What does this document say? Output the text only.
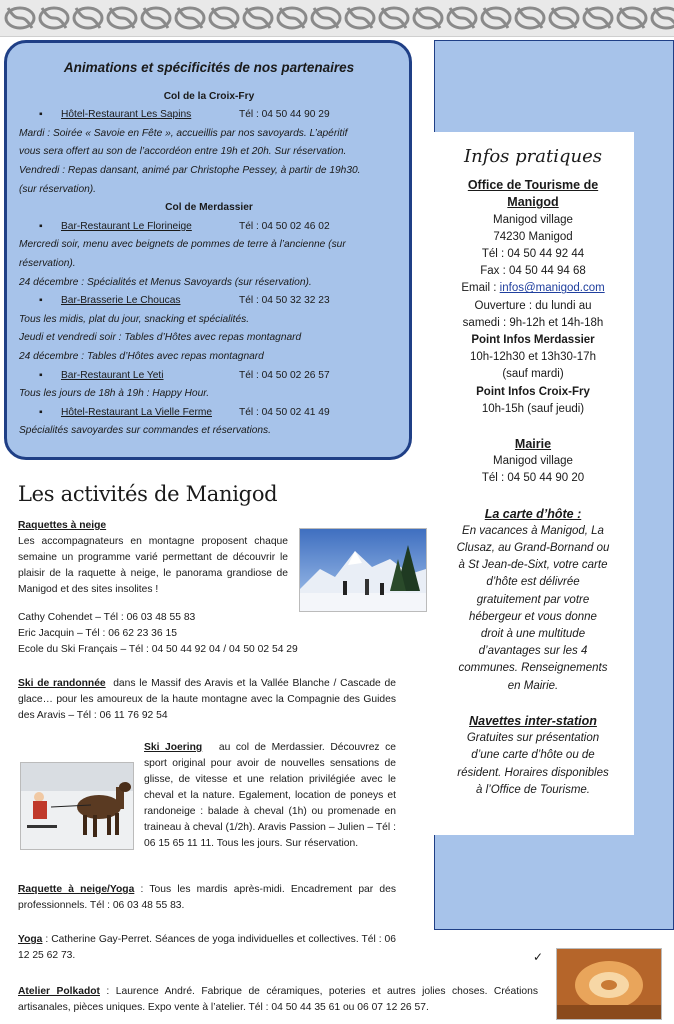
Animations et spécificités de nos partenaires
Col de la Croix-Fry
▪ Hôtel-Restaurant Les Sapins	Tél : 04 50 44 90 29
Mardi : Soirée « Savoie en Fête », accueillis par nos savoyards. L’apéritif
vous sera offert au son de l’accordéon entre 19h et 20h. Sur réservation.
Vendredi : Repas dansant, animé par Christophe Pessey, à partir de 19h30.
(sur réservation).
Col de Merdassier
▪ Bar-Restaurant Le Florineige	Tél : 04 50 02 46 02
Mercredi soir, menu avec beignets de pommes de terre à l’ancienne (sur
réservation).
24 décembre : Spécialités et Menus Savoyards (sur réservation).
▪ Bar-Brasserie Le Choucas	Tél : 04 50 32 32 23
Tous les midis, plat du jour, snacking et spécialités.
Jeudi et vendredi soir : Tables d’Hôtes avec repas montagnard
24 décembre : Tables d’Hôtes avec repas montagnard
▪ Bar-Restaurant Le Yeti	Tél : 04 50 02 26 57
Tous les jours de 18h à 19h : Happy Hour.
▪ Hôtel-Restaurant La Vielle Ferme	Tél : 04 50 02 41 49
Spécialités savoyardes sur commandes et réservations.
Infos pratiques
Office de Tourisme de
Manigod
Manigod village
74230 Manigod
Tél : 04 50 44 92 44
Fax : 04 50 44 94 68
Email : infos@manigod.com
Ouverture : du lundi au
samedi : 9h-12h et 14h-18h
Point Infos Merdassier
10h-12h30 et 13h30-17h
(sauf mardi)
Point Infos Croix-Fry
10h-15h (sauf jeudi)
Mairie
Manigod village
Tél : 04 50 44 90 20
La carte d’hôte :
En vacances à Manigod, La
Clusaz, au Grand-Bornand ou
à St Jean-de-Sixt, votre carte
d’hôte est délivrée
gratuitement par votre
hébergeur et vous donne
droit à une multitude
d’avantages sur les 4
communes. Renseignements
en Mairie.
Navettes inter-station
Gratuites sur présentation
d’une carte d’hôte ou de
résident. Horaires disponibles
à l’Office de Tourisme.
Les activités de Manigod
Raquettes à neige
Les accompagnateurs en montagne proposent chaque semaine un programme varié permettant de découvrir le plaisir de la raquette à neige, le panorama grandiose de Manigod et des sites insolites !
Cathy Cohendet – Tél : 06 03 48 55 83
Eric Jacquin – Tél : 06 62 23 36 15
Ecole du Ski Français – Tél : 04 50 44 92 04 / 04 50 02 54 29
Ski de randonnée dans le Massif des Aravis et la Vallée Blanche / Cascade de glace… pour les amoureux de la haute montagne avec la Compagnie des Guides des Aravis – Tél : 06 11 76 92 54
Ski Joering au col de Merdassier. Découvrez ce sport original pour avoir de nouvelles sensations de glisse, de vitesse et une relation privilégiée avec le cheval et la nature. Egalement, location de poneys et randoneige : balade à cheval (1h) ou promenade en traineau à cheval (1/2h). Aravis Passion – Julien – Tél : 06 15 65 11 11. Tous les jours. Sur réservation.
Raquette à neige/Yoga : Tous les mardis après-midi. Encadrement par des professionnels. Tél : 06 03 48 55 83.
Yoga : Catherine Gay-Perret. Séances de yoga individuelles et collectives. Tél : 06 12 25 62 73.	✓
Atelier Polkadot : Laurence André. Fabrique de céramiques, poteries et autres jolies choses. Créations artisanales, pièces uniques. Expo vente à l’atelier. Tél : 04 50 44 35 61 ou 06 07 12 26 57.
